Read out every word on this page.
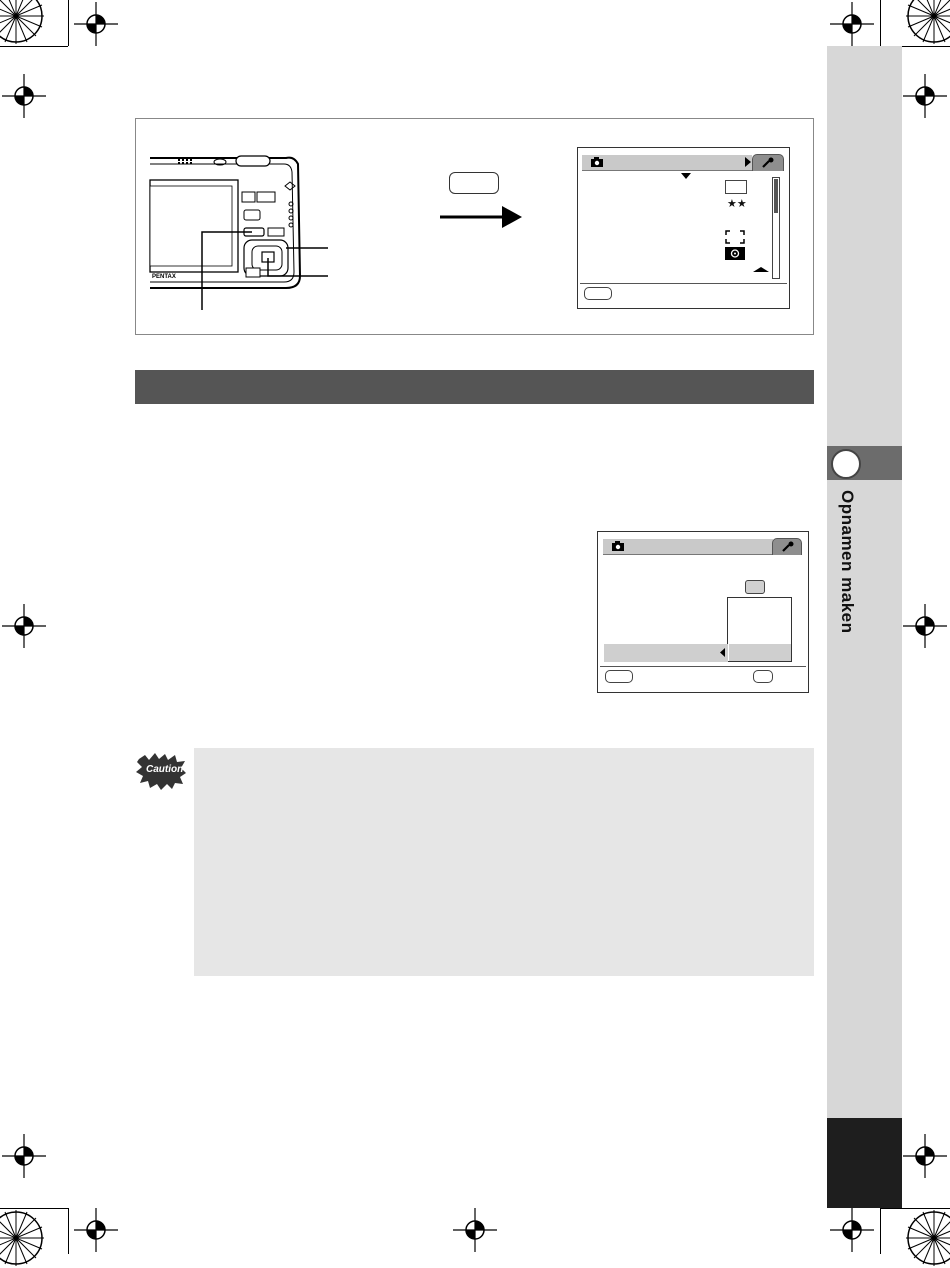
Opnamen maken
PENTAX
★★
Caution
